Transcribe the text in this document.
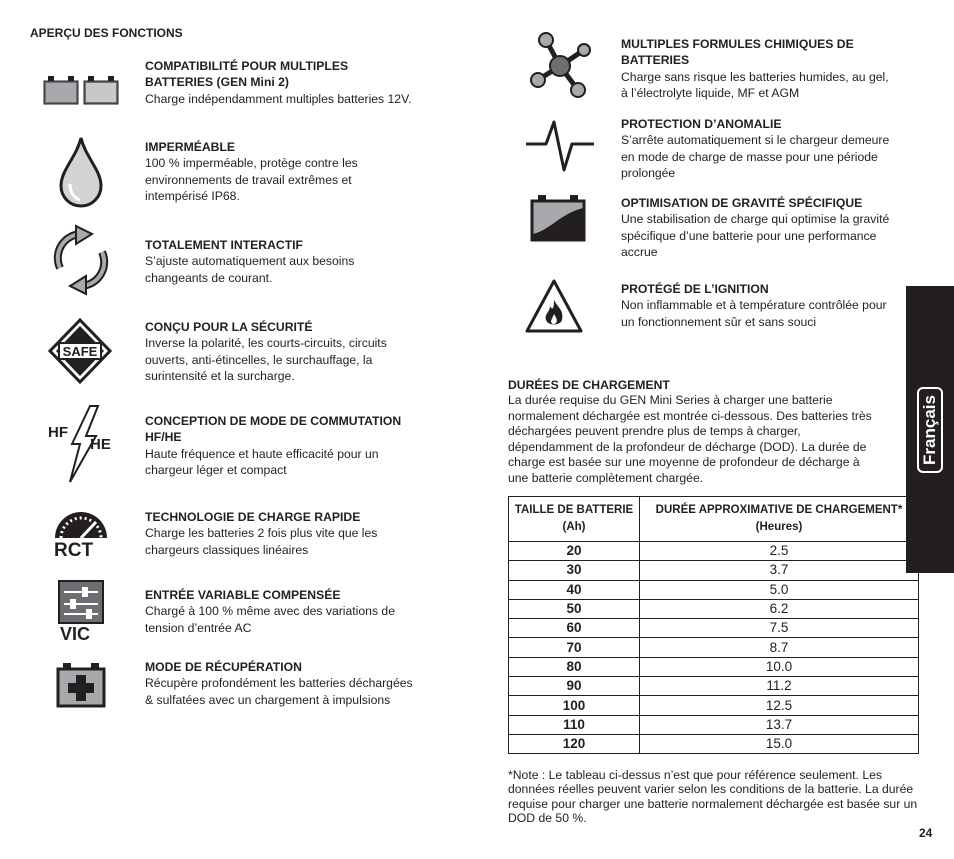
APERÇU DES FONCTIONS
SAFE
HF
HE
RCT
VIC
COMPATIBILITÉ POUR MULTIPLES BATTERIES (GEN Mini 2)
Charge indépendamment multiples batteries 12V.
IMPERMÉABLE
100 % imperméable, protège contre les environnements de travail extrêmes et intempérisé IP68.
TOTALEMENT INTERACTIF
S’ajuste automatiquement aux besoins changeants de courant.
CONÇU POUR LA SÉCURITÉ
Inverse la polarité, les courts-circuits, circuits ouverts, anti-étincelles, le surchauffage, la surintensité et la surcharge.
CONCEPTION DE MODE DE COMMUTATION HF/HE
Haute fréquence et haute efficacité pour un chargeur léger et compact
TECHNOLOGIE DE CHARGE RAPIDE
Charge les batteries 2 fois plus vite que les chargeurs classiques linéaires
ENTRÉE VARIABLE COMPENSÉE
Chargé à 100 % même avec des variations de tension d’entrée AC
MODE DE RÉCUPÉRATION
Récupère profondément les batteries déchargées & sulfatées avec un chargement à impulsions
MULTIPLES FORMULES CHIMIQUES DE BATTERIES
Charge sans risque les batteries humides, au gel, à l’électrolyte liquide, MF et AGM
PROTECTION D’ANOMALIE
S’arrête automatiquement si le chargeur demeure en mode de charge de masse pour une période prolongée
OPTIMISATION DE GRAVITÉ SPÉCIFIQUE
Une stabilisation de charge qui optimise la gravité spécifique d’une batterie pour une performance accrue
PROTÉGÉ DE L’IGNITION
Non inflammable et à température contrôlée pour un fonctionnement sûr et sans souci
DURÉES DE CHARGEMENT
La durée requise du GEN Mini Series à charger une batterie normalement déchargée est montrée ci-dessous. Des batteries très déchargées peuvent prendre plus de temps à charger, dépendamment de la profondeur de décharge (DOD). La durée de charge est basée sur une moyenne de profondeur de décharge à une batterie complètement chargée.
TAILLE DE BATTERIE (Ah)	DURÉE APPROXIMATIVE DE CHARGEMENT* (Heures)
20	2.5
30	3.7
40	5.0
50	6.2
60	7.5
70	8.7
80	10.0
90	11.2
100	12.5
110	13.7
120	15.0
*Note : Le tableau ci-dessus n’est que pour référence seulement. Les données réelles peuvent varier selon les conditions de la batterie. La durée requise pour charger une batterie normalement déchargée est basée sur un DOD de 50 %.
Français
24
